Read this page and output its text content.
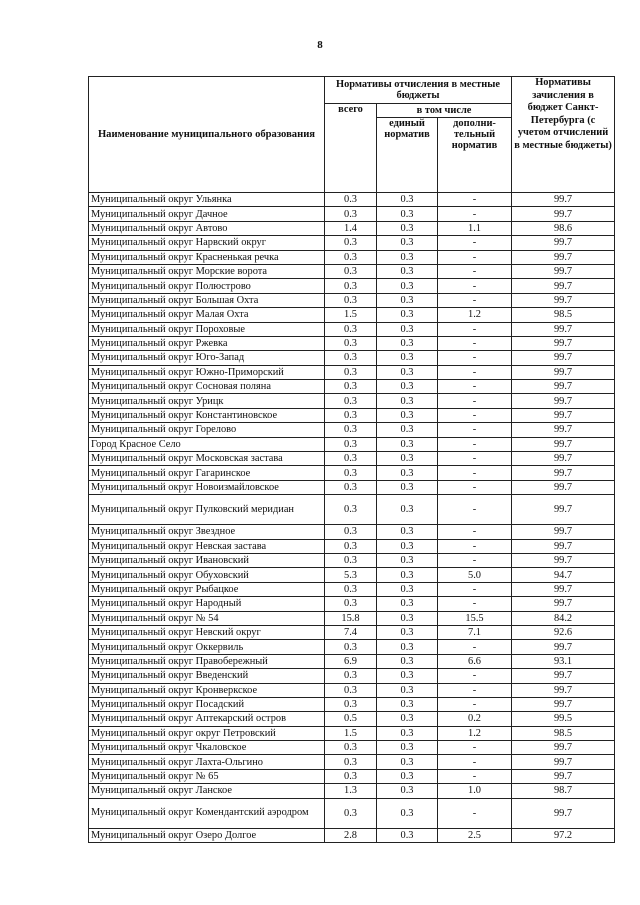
8
Наименование муниципального образования	Нормативы отчисления в местные бюджеты			Нормативы зачисления в бюджет Санкт-Петербурга (с учетом отчислений в местные бюджеты)
	всего	в том числе		
		единый норматив	дополни-тельный норматив	
Муниципальный округ Ульянка	0.3	0.3	-	99.7
Муниципальный округ Дачное	0.3	0.3	-	99.7
Муниципальный округ Автово	1.4	0.3	1.1	98.6
Муниципальный округ Нарвский округ	0.3	0.3	-	99.7
Муниципальный округ Красненькая речка	0.3	0.3	-	99.7
Муниципальный округ Морские ворота	0.3	0.3	-	99.7
Муниципальный округ Полюстрово	0.3	0.3	-	99.7
Муниципальный округ Большая Охта	0.3	0.3	-	99.7
Муниципальный округ Малая Охта	1.5	0.3	1.2	98.5
Муниципальный округ Пороховые	0.3	0.3	-	99.7
Муниципальный округ Ржевка	0.3	0.3	-	99.7
Муниципальный округ Юго-Запад	0.3	0.3	-	99.7
Муниципальный округ Южно-Приморский	0.3	0.3	-	99.7
Муниципальный округ Сосновая поляна	0.3	0.3	-	99.7
Муниципальный округ Урицк	0.3	0.3	-	99.7
Муниципальный округ Константиновское	0.3	0.3	-	99.7
Муниципальный округ Горелово	0.3	0.3	-	99.7
Город Красное Село	0.3	0.3	-	99.7
Муниципальный округ Московская застава	0.3	0.3	-	99.7
Муниципальный округ Гагаринское	0.3	0.3	-	99.7
Муниципальный округ Новоизмайловское	0.3	0.3	-	99.7
Муниципальный округ Пулковский меридиан	0.3	0.3	-	99.7
Муниципальный округ Звездное	0.3	0.3	-	99.7
Муниципальный округ Невская застава	0.3	0.3	-	99.7
Муниципальный округ Ивановский	0.3	0.3	-	99.7
Муниципальный округ Обуховский	5.3	0.3	5.0	94.7
Муниципальный округ Рыбацкое	0.3	0.3	-	99.7
Муниципальный округ Народный	0.3	0.3	-	99.7
Муниципальный округ № 54	15.8	0.3	15.5	84.2
Муниципальный округ Невский округ	7.4	0.3	7.1	92.6
Муниципальный округ Оккервиль	0.3	0.3	-	99.7
Муниципальный округ Правобережный	6.9	0.3	6.6	93.1
Муниципальный округ Введенский	0.3	0.3	-	99.7
Муниципальный округ Кронверкское	0.3	0.3	-	99.7
Муниципальный округ Посадский	0.3	0.3	-	99.7
Муниципальный округ Аптекарский остров	0.5	0.3	0.2	99.5
Муниципальный округ округ Петровский	1.5	0.3	1.2	98.5
Муниципальный округ Чкаловское	0.3	0.3	-	99.7
Муниципальный округ Лахта-Ольгино	0.3	0.3	-	99.7
Муниципальный округ № 65	0.3	0.3	-	99.7
Муниципальный округ Ланское	1.3	0.3	1.0	98.7
Муниципальный округ Комендантский аэродром	0.3	0.3	-	99.7
Муниципальный округ Озеро Долгое	2.8	0.3	2.5	97.2
